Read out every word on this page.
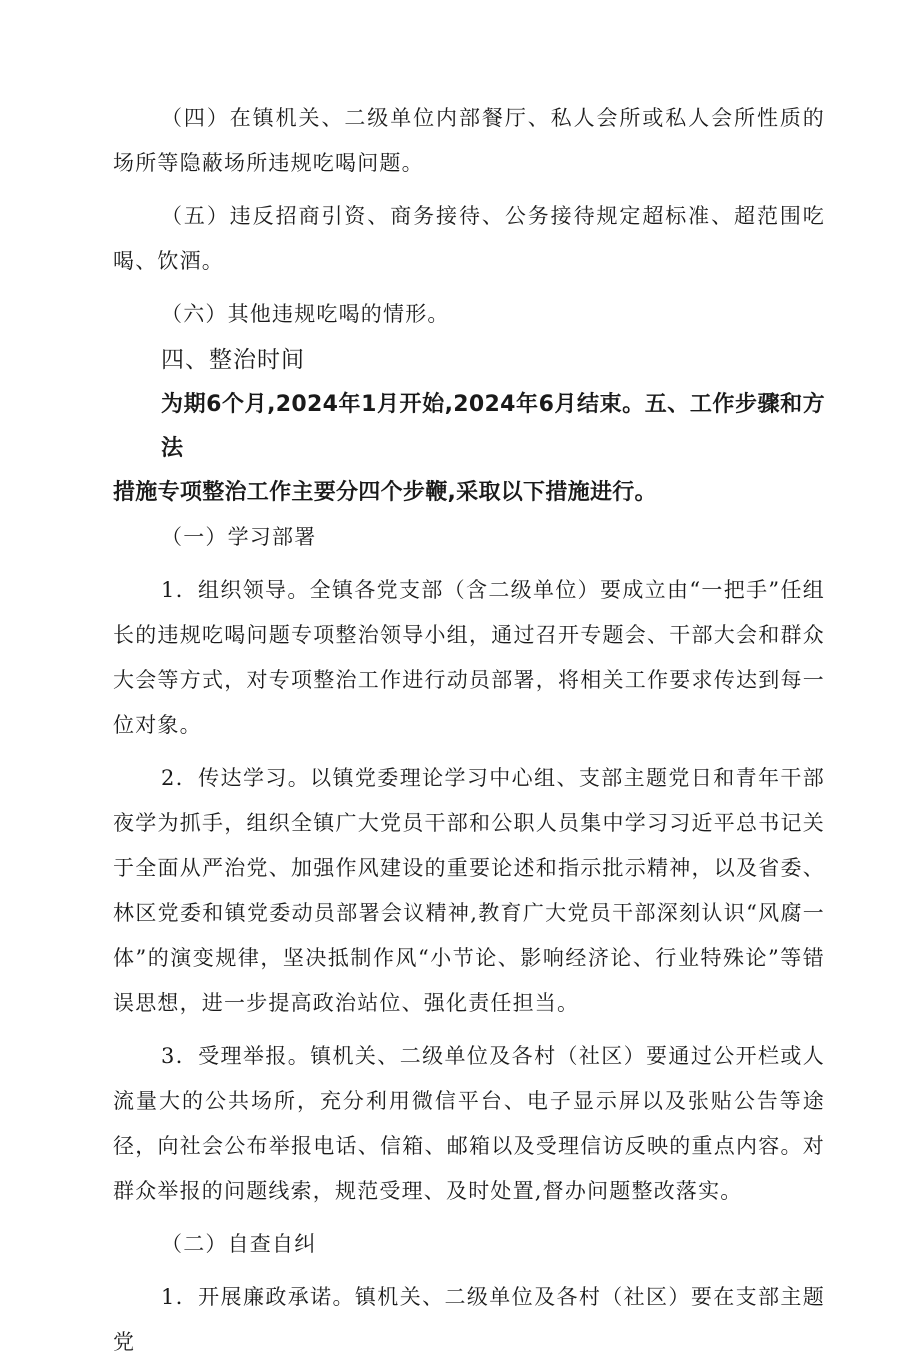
（四）在镇机关、二级单位内部餐厅、私人会所或私人会所性质的场所等隐蔽场所违规吃喝问题。

（五）违反招商引资、商务接待、公务接待规定超标准、超范围吃喝、饮酒。

（六）其他违规吃喝的情形。

四、整治时间

为期6个月,2024年1月开始,2024年6月结束。五、工作步骤和方法
措施专项整治工作主要分四个步鞭,采取以下措施进行。

（一）学习部署

1．组织领导。全镇各党支部（含二级单位）要成立由“一把手”任组长的违规吃喝问题专项整治领导小组，通过召开专题会、干部大会和群众大会等方式，对专项整治工作进行动员部署，将相关工作要求传达到每一位对象。

2．传达学习。以镇党委理论学习中心组、支部主题党日和青年干部夜学为抓手，组织全镇广大党员干部和公职人员集中学习习近平总书记关于全面从严治党、加强作风建设的重要论述和指示批示精神，以及省委、林区党委和镇党委动员部署会议精神,教育广大党员干部深刻认识“风腐一体”的演变规律，坚决抵制作风“小节论、影响经济论、行业特殊论”等错误思想，进一步提高政治站位、强化责任担当。

3．受理举报。镇机关、二级单位及各村（社区）要通过公开栏或人流量大的公共场所，充分利用微信平台、电子显示屏以及张贴公告等途径，向社会公布举报电话、信箱、邮箱以及受理信访反映的重点内容。对群众举报的问题线索，规范受理、及时处置,督办问题整改落实。

（二）自查自纠

1．开展廉政承诺。镇机关、二级单位及各村（社区）要在支部主题党
